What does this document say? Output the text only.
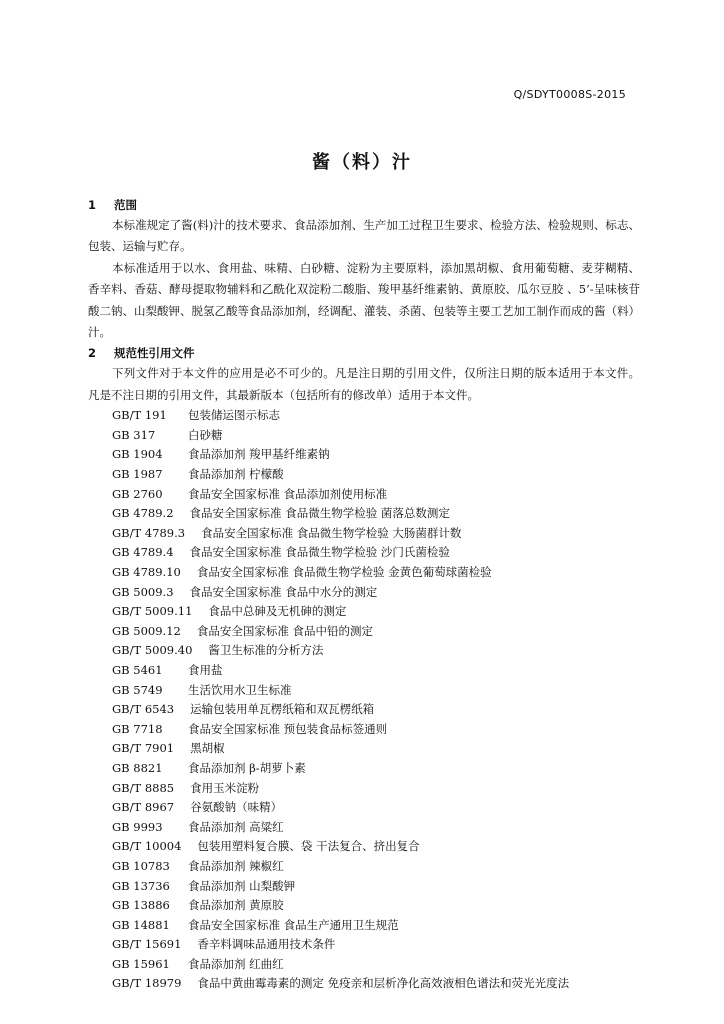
Q/SDYT0008S-2015
酱（料）汁
1 范围

本标准规定了酱(料)汁的技术要求、食品添加剂、生产加工过程卫生要求、检验方法、检验规则、标志、包装、运输与贮存。

本标准适用于以水、食用盐、味精、白砂糖、淀粉为主要原料，添加黑胡椒、食用葡萄糖、麦芽糊精、香辛料、香菇、酵母提取物辅料和乙酰化双淀粉二酸脂、羧甲基纤维素钠、黄原胶、瓜尔豆胶 、5’-呈味核苷酸二钠、山梨酸钾、脱氢乙酸等食品添加剂，经调配、灌装、杀菌、包装等主要工艺加工制作而成的酱（料）汁。

2 规范性引用文件

下列文件对于本文件的应用是必不可少的。凡是注日期的引用文件，仅所注日期的版本适用于本文件。凡是不注日期的引用文件，其最新版本（包括所有的修改单）适用于本文件。

GB/T 191	包装储运图示标志
GB 317	白砂糖
GB 1904	食品添加剂 羧甲基纤维素钠
GB 1987	食品添加剂 柠檬酸
GB 2760	食品安全国家标准 食品添加剂使用标准
GB 4789.2 食品安全国家标准 食品微生物学检验 菌落总数测定
GB/T 4789.3 食品安全国家标准 食品微生物学检验 大肠菌群计数
GB 4789.4 食品安全国家标准 食品微生物学检验 沙门氏菌检验
GB 4789.10 食品安全国家标准 食品微生物学检验 金黄色葡萄球菌检验
GB 5009.3 食品安全国家标准 食品中水分的测定
GB/T 5009.11 食品中总砷及无机砷的测定
GB 5009.12 食品安全国家标准 食品中铅的测定
GB/T 5009.40 酱卫生标准的分析方法
GB 5461	食用盐
GB 5749	生活饮用水卫生标准
GB/T 6543 运输包装用单瓦楞纸箱和双瓦楞纸箱
GB 7718	食品安全国家标准 预包装食品标签通则
GB/T 7901 黑胡椒
GB 8821	食品添加剂 β-胡萝卜素
GB/T 8885 食用玉米淀粉
GB/T 8967 谷氨酸钠（味精）
GB 9993	食品添加剂 高粱红
GB/T 10004 包装用塑料复合膜、袋 干法复合、挤出复合
GB 10783 食品添加剂 辣椒红
GB 13736 食品添加剂 山梨酸钾
GB 13886 食品添加剂 黄原胶
GB 14881 食品安全国家标准 食品生产通用卫生规范
GB/T 15691 香辛料调味品通用技术条件
GB 15961 食品添加剂 红曲红
GB/T 18979 食品中黄曲霉毒素的测定 免疫亲和层析净化高效液相色谱法和荧光光度法
